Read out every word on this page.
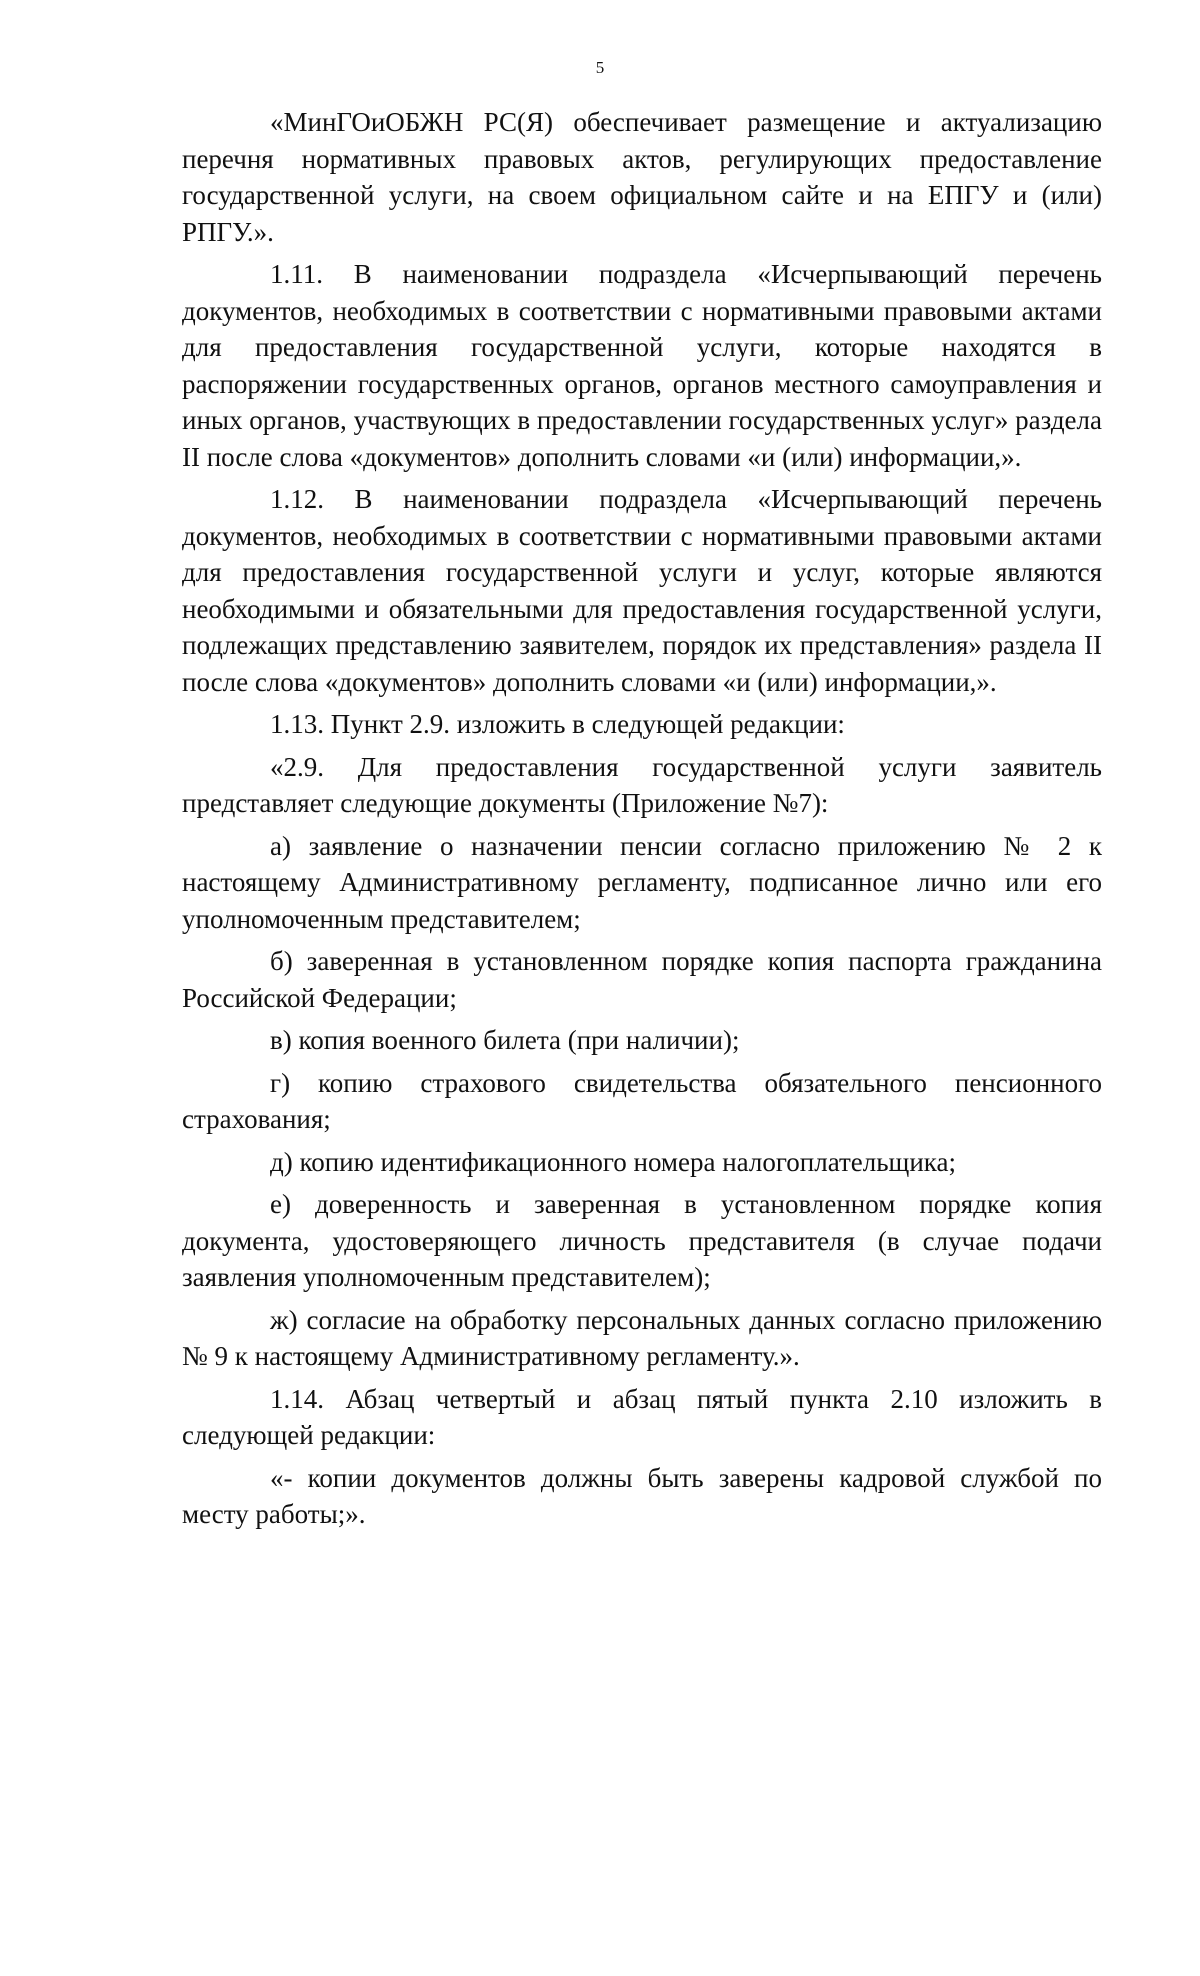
5

«МинГОиОБЖН РС(Я) обеспечивает размещение и актуализацию перечня нормативных правовых актов, регулирующих предоставление государственной услуги, на своем официальном сайте и на ЕПГУ и (или) РПГУ.».

1.11. В наименовании подраздела «Исчерпывающий перечень документов, необходимых в соответствии с нормативными правовыми актами для предоставления государственной услуги, которые находятся в распоряжении государственных органов, органов местного самоуправления и иных органов, участвующих в предоставлении государственных услуг» раздела II после слова «документов» дополнить словами «и (или) информации,».

1.12. В наименовании подраздела «Исчерпывающий перечень документов, необходимых в соответствии с нормативными правовыми актами для предоставления государственной услуги и услуг, которые являются необходимыми и обязательными для предоставления государственной услуги, подлежащих представлению заявителем, порядок их представления» раздела II после слова «документов» дополнить словами «и (или) информации,».

1.13. Пункт 2.9. изложить в следующей редакции:

«2.9. Для предоставления государственной услуги заявитель представляет следующие документы (Приложение №7):

а) заявление о назначении пенсии согласно приложению № 2 к настоящему Административному регламенту, подписанное лично или его уполномоченным представителем;

б) заверенная в установленном порядке копия паспорта гражданина Российской Федерации;

в) копия военного билета (при наличии);

г) копию страхового свидетельства обязательного пенсионного страхования;

д) копию идентификационного номера налогоплательщика;

е) доверенность и заверенная в установленном порядке копия документа, удостоверяющего личность представителя (в случае подачи заявления уполномоченным представителем);

ж) согласие на обработку персональных данных согласно приложению № 9 к настоящему Административному регламенту.».

1.14. Абзац четвертый и абзац пятый пункта 2.10 изложить в следующей редакции:

«- копии документов должны быть заверены кадровой службой по месту работы;».
